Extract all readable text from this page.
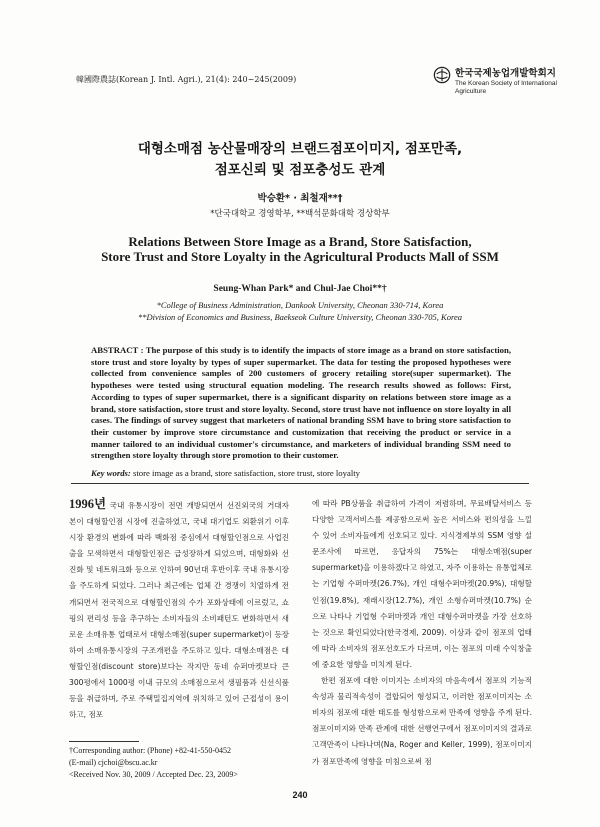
韓國際農誌(Korean J. Intl. Agri.), 21(4): 240~245(2009)
한국국제농업개발학회지
The Korean Society of International Agriculture
대형소매점 농산물매장의 브랜드점포이미지, 점포만족,
점포신뢰 및 점포충성도 관계
박승환* · 최철재**†
*단국대학교 경영학부, **백석문화대학 경상학부
Relations Between Store Image as a Brand, Store Satisfaction,
Store Trust and Store Loyalty in the Agricultural Products Mall of SSM
Seung-Whan Park* and Chul-Jae Choi**†
*College of Business Administration, Dankook University, Cheonan 330-714, Korea
**Division of Economics and Business, Baekseok Culture University, Cheonan 330-705, Korea
ABSTRACT : The purpose of this study is to identify the impacts of store image as a brand on store satisfaction, store trust and store loyalty by types of super supermarket. The data for testing the proposed hypotheses were collected from convenience samples of 200 customers of grocery retailing store(super supermarket). The hypotheses were tested using structural equation modeling. The research results showed as follows: First, According to types of super supermarket, there is a significant disparity on relations between store image as a brand, store satisfaction, store trust and store loyalty. Second, store trust have not influence on store loyalty in all cases. The findings of survey suggest that marketers of national branding SSM have to bring store satisfaction to their customer by improve store circumstance and customization that receiving the product or service in a manner tailored to an individual customer's circumstance, and marketers of individual branding SSM need to strengthen store loyalty through store promotion to their customer.
Key words: store image as a brand, store satisfaction, store trust, store loyalty

1996년 국내 유통시장이 전면 개방되면서 선진외국의 거대자본이 대형할인점 시장에 진출하였고, 국내 대기업도 외환위기 이후 시장 환경의 변화에 따라 백화점 중심에서 대형할인점으로 사업진출을 모색하면서 대형할인점은 급성장하게 되었으며, 대형화와 선진화 및 네트워크화 등으로 인하여 90년대 후반이후 국내 유통시장을 주도하게 되었다. 그러나 최근에는 업체 간 경쟁이 치열하게 전개되면서 전국적으로 대형할인점의 수가 포화상태에 이르렀고, 쇼핑의 편리성 등을 추구하는 소비자들의 소비패턴도 변화하면서 새로운 소매유통 업태로서 대형소매점(super supermarket)이 등장하여 소매유통시장의 구조개편을 주도하고 있다. 대형소매점은 대형할인점(discount store)보다는 작지만 동네 슈퍼마켓보다 큰 300평에서 1000평 이내 규모의 소매점으로서 생필품과 신선식품 등을 취급하며, 주로 주택밀집지역에 위치하고 있어 근접성이 용이하고, 점포

에 따라 PB상품을 취급하여 가격이 저렴하며, 무료배달서비스 등 다양한 고객서비스를 제공함으로써 높은 서비스와 편의성을 느낄 수 있어 소비자들에게 선호되고 있다. 지식경제부의 SSM 영향 설문조사에 따르면, 응답자의 75%는 대형소매점(super supermarket)을 이용하겠다고 하였고, 자주 이용하는 유통업체로는 기업형 수퍼마켓(26.7%), 개인 대형수퍼마켓(20.9%), 대형할인점(19.8%), 재래시장(12.7%), 개인 소형슈퍼마켓(10.7%) 순으로 나타나 기업형 수퍼마켓과 개인 대형수퍼마켓을 가장 선호하는 것으로 확인되었다(한국경제, 2009). 이상과 같이 점포의 업태에 따라 소비자의 점포선호도가 다르며, 이는 점포의 미래 수익창출에 중요한 영향을 미치게 된다.

한편 점포에 대한 이미지는 소비자의 마음속에서 점포의 기능적속성과 물리적속성이 결합되어 형성되고, 이러한 점포이미지는 소비자의 점포에 대한 태도를 형성함으로써 만족에 영향을 주게 된다. 점포이미지와 만족 관계에 대한 선행연구에서 점포이미지의 결과로 고객만족이 나타나며(Na, Roger and Keller, 1999), 점포이미지가 점포만족에 영향을 미침으로써 점

†Corresponding author: (Phone) +82-41-550-0452
(E-mail) cjchoi@bscu.ac.kr
<Received Nov. 30, 2009 / Accepted Dec. 23, 2009>
240
